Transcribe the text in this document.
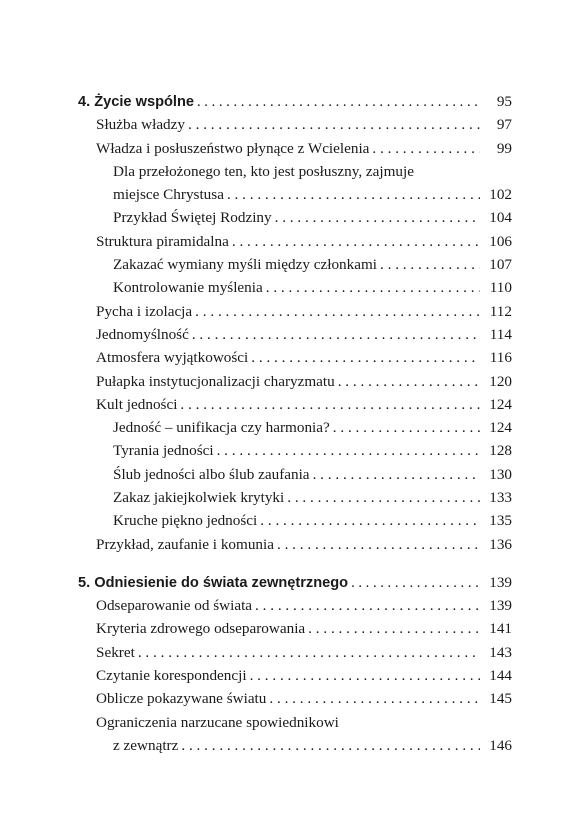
4. Życie wspólne . . .	95
Służba władzy . . .	97
Władza i posłuszeństwo płynące z Wcielenia . . .	99
Dla przełożonego ten, kto jest posłuszny, zajmuje
miejsce Chrystusa . . .	102
Przykład Świętej Rodziny . . .	104
Struktura piramidalna . . .	106
Zakazać wymiany myśli między członkami . . .	107
Kontrolowanie myślenia . . .	110
Pycha i izolacja . . .	112
Jednomyślność . . .	114
Atmosfera wyjątkowości . . .	116
Pułapka instytucjonalizacji charyzmatu . . .	120
Kult jedności . . .	124
Jedność – unifikacja czy harmonia? . . .	124
Tyrania jedności . . .	128
Ślub jedności albo ślub zaufania . . .	130
Zakaz jakiejkolwiek krytyki . . .	133
Kruche piękno jedności . . .	135
Przykład, zaufanie i komunia . . .	136
5. Odniesienie do świata zewnętrznego . . .	139
Odseparowanie od świata . . .	139
Kryteria zdrowego odseparowania . . .	141
Sekret . . .	143
Czytanie korespondencji . . .	144
Oblicze pokazywane światu . . .	145
Ograniczenia narzucane spowiednikowi
z zewnątrz . . .	146
